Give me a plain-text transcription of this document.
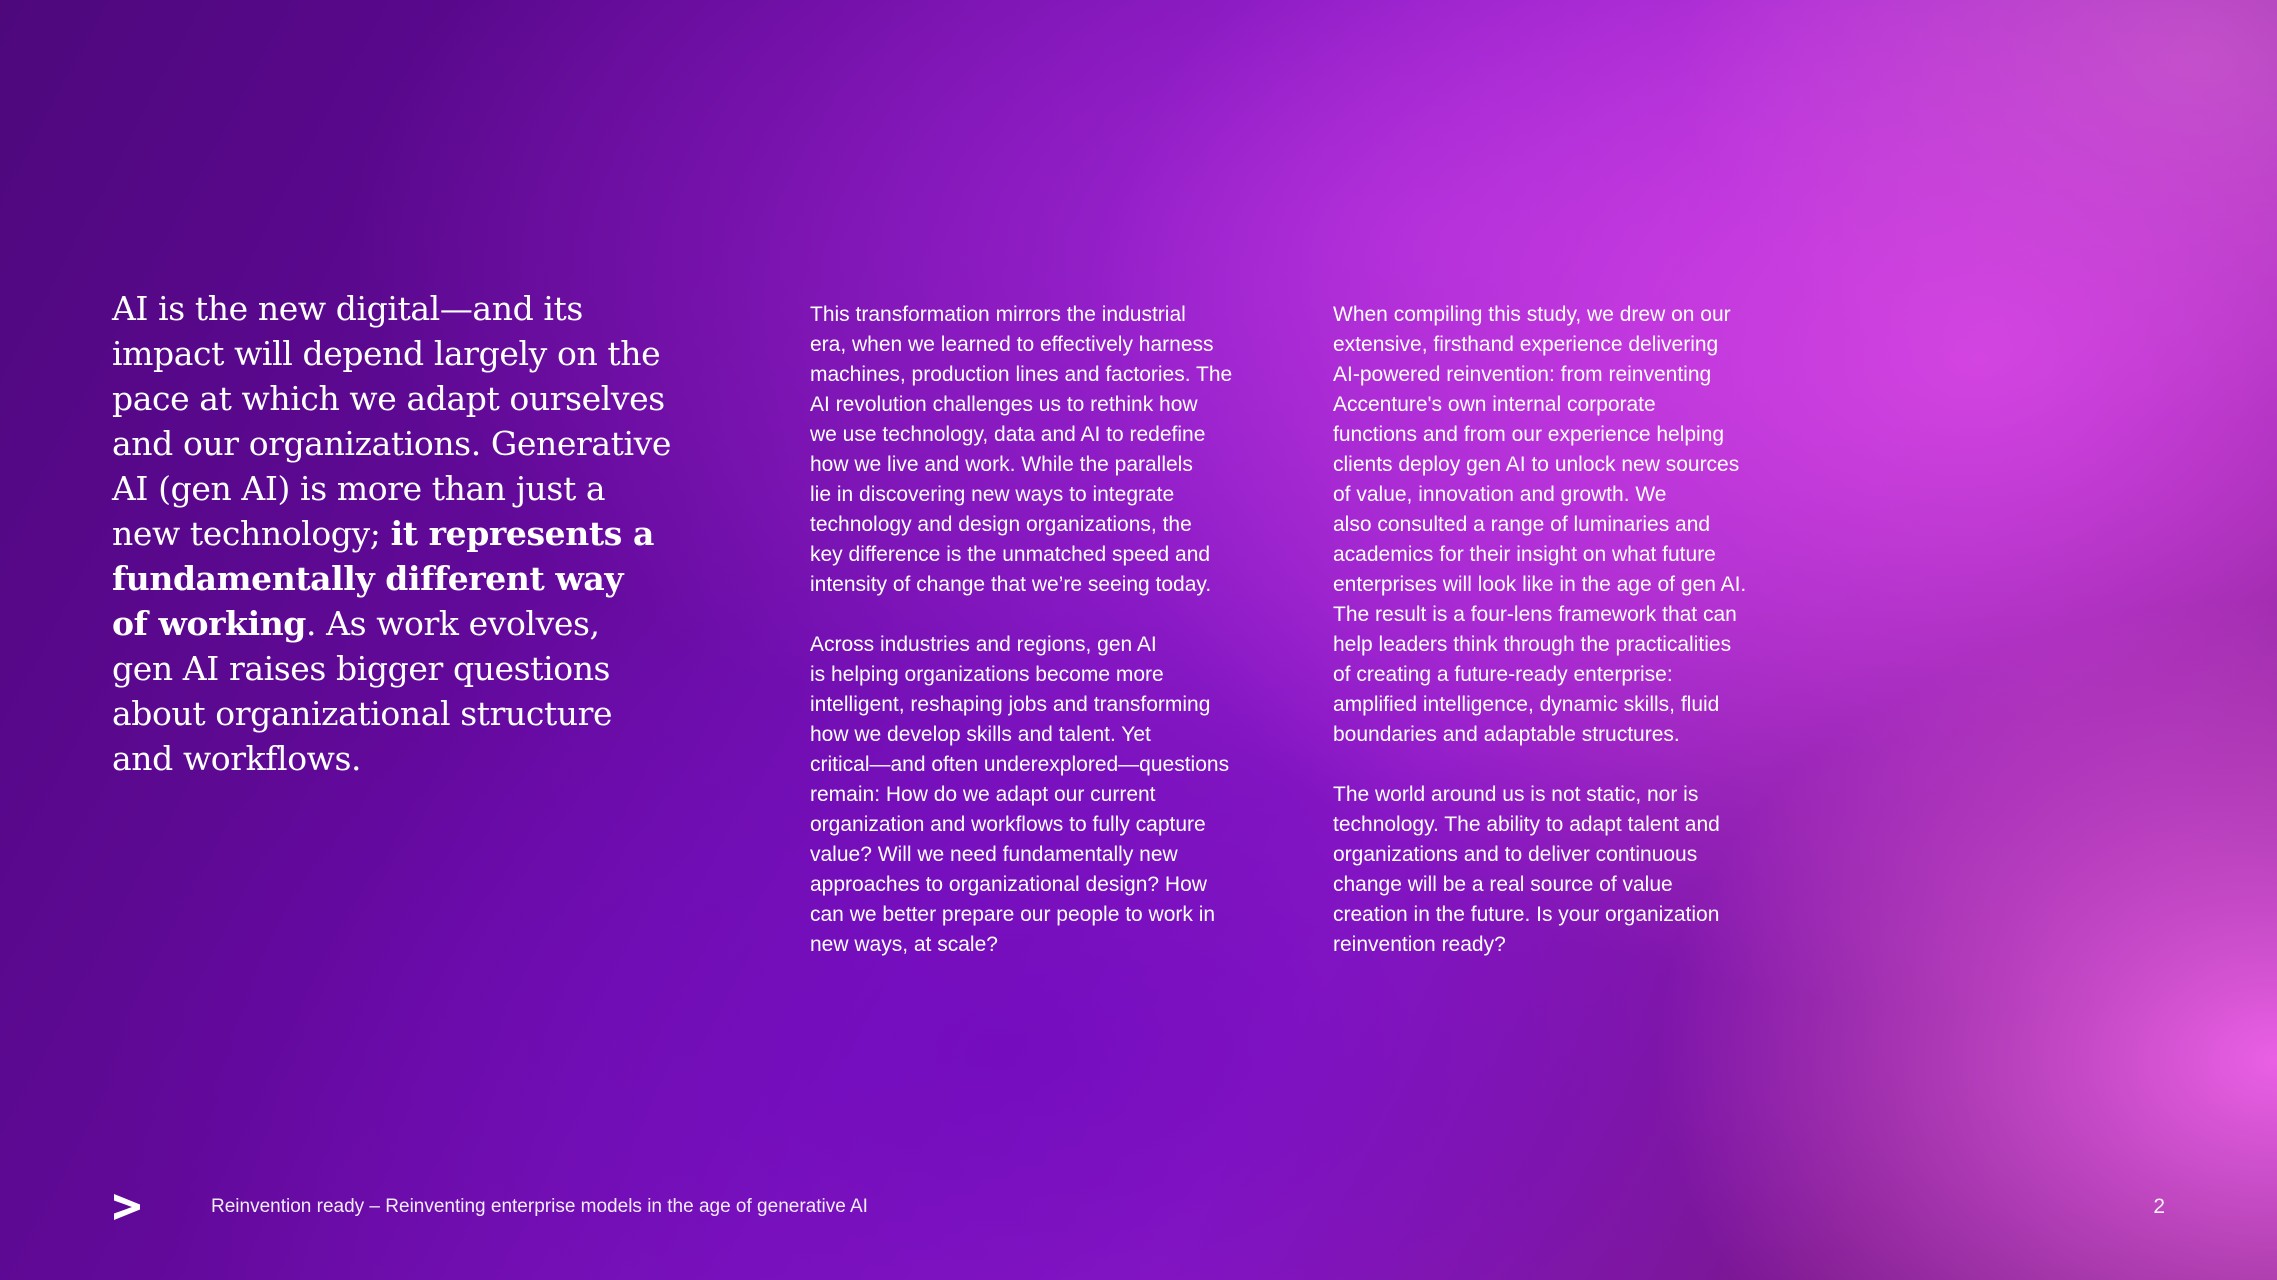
AI is the new digital—and its
impact will depend largely on the
pace at which we adapt ourselves
and our organizations. Generative
AI (gen AI) is more than just a
new technology; it represents a
fundamentally different way
of working. As work evolves,
gen AI raises bigger questions
about organizational structure
and workflows.

This transformation mirrors the industrial
era, when we learned to effectively harness
machines, production lines and factories. The
AI revolution challenges us to rethink how
we use technology, data and AI to redefine
how we live and work. While the parallels
lie in discovering new ways to integrate
technology and design organizations, the
key difference is the unmatched speed and
intensity of change that we’re seeing today.

Across industries and regions, gen AI
is helping organizations become more
intelligent, reshaping jobs and transforming
how we develop skills and talent. Yet
critical—and often underexplored—questions
remain: How do we adapt our current
organization and workflows to fully capture
value? Will we need fundamentally new
approaches to organizational design? How
can we better prepare our people to work in
new ways, at scale?

When compiling this study, we drew on our
extensive, firsthand experience delivering
AI-powered reinvention: from reinventing
Accenture's own internal corporate
functions and from our experience helping
clients deploy gen AI to unlock new sources
of value, innovation and growth. We
also consulted a range of luminaries and
academics for their insight on what future
enterprises will look like in the age of gen AI.
The result is a four-lens framework that can
help leaders think through the practicalities
of creating a future-ready enterprise:
amplified intelligence, dynamic skills, fluid
boundaries and adaptable structures.

The world around us is not static, nor is
technology. The ability to adapt talent and
organizations and to deliver continuous
change will be a real source of value
creation in the future. Is your organization
reinvention ready?

Reinvention ready – Reinventing enterprise models in the age of generative AI	2
